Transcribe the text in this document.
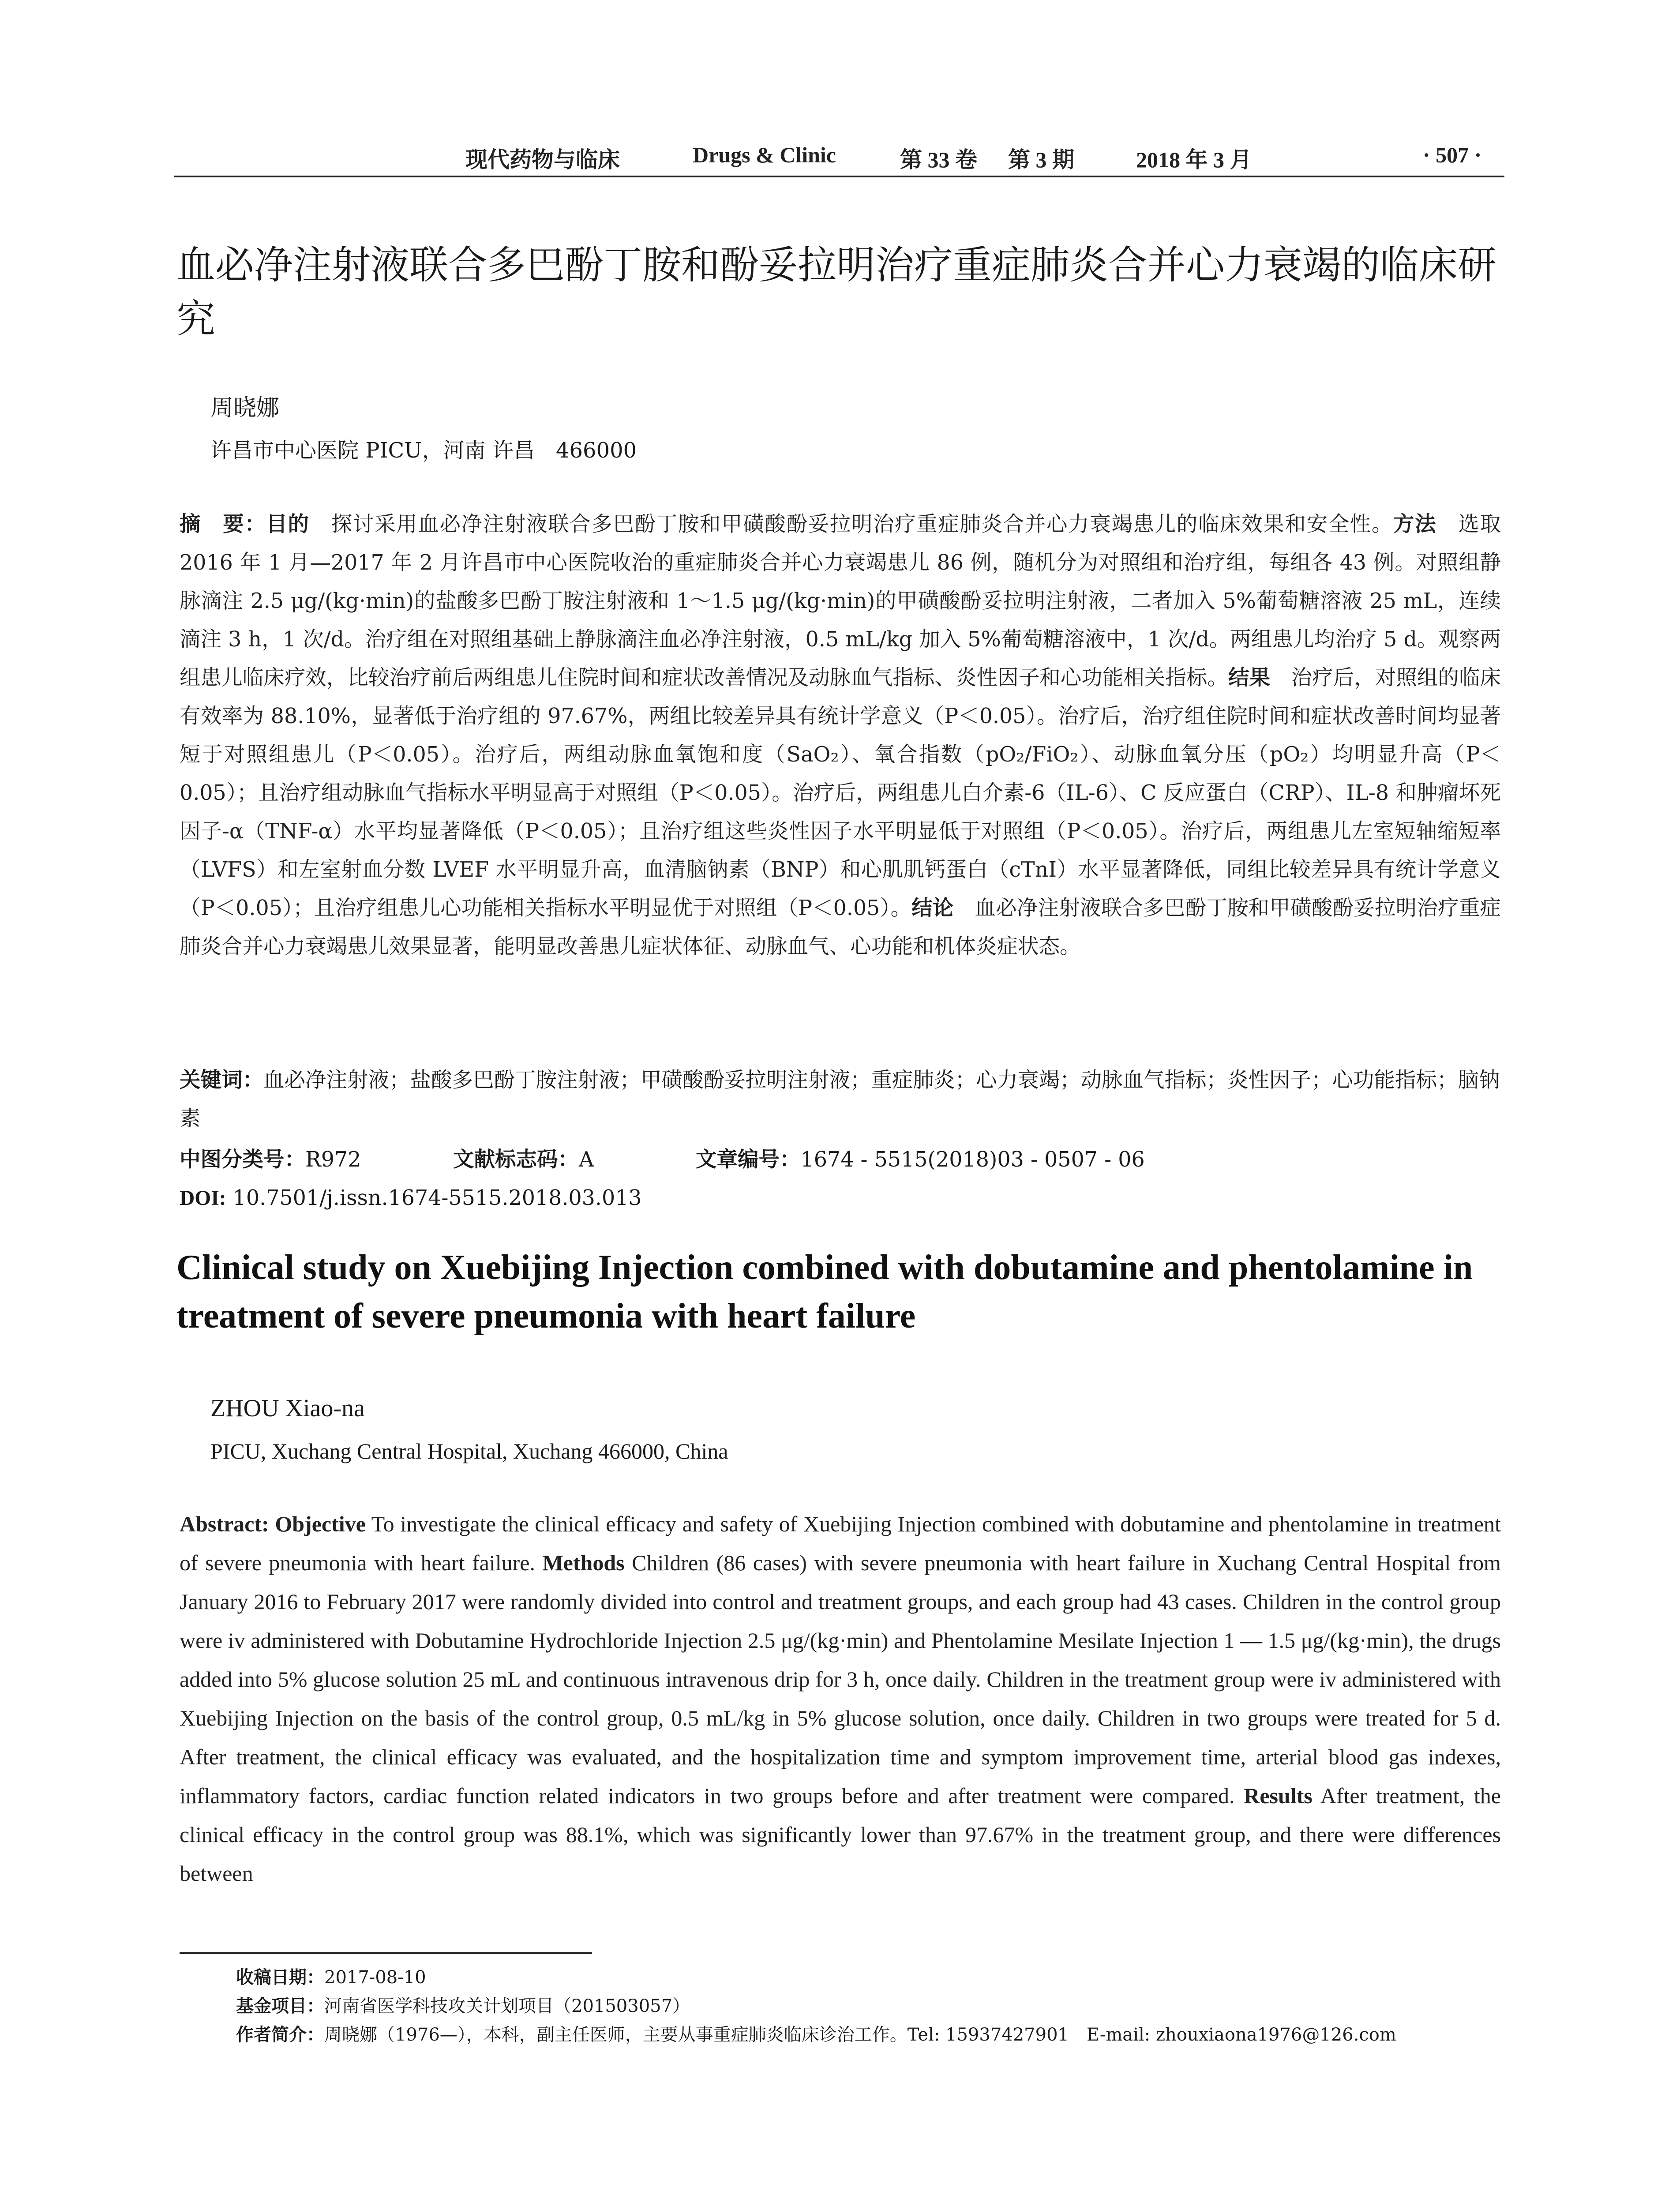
现代药物与临床	Drugs & Clinic	第 33 卷 第 3 期	2018 年 3 月	· 507 ·
血必净注射液联合多巴酚丁胺和酚妥拉明治疗重症肺炎合并心力衰竭的临床研究
周晓娜
许昌市中心医院 PICU，河南 许昌　466000
摘　要：目的　探讨采用血必净注射液联合多巴酚丁胺和甲磺酸酚妥拉明治疗重症肺炎合并心力衰竭患儿的临床效果和安全性。方法　选取 2016 年 1 月—2017 年 2 月许昌市中心医院收治的重症肺炎合并心力衰竭患儿 86 例，随机分为对照组和治疗组，每组各 43 例。对照组静脉滴注 2.5 μg/(kg·min)的盐酸多巴酚丁胺注射液和 1～1.5 μg/(kg·min)的甲磺酸酚妥拉明注射液，二者加入 5%葡萄糖溶液 25 mL，连续滴注 3 h，1 次/d。治疗组在对照组基础上静脉滴注血必净注射液，0.5 mL/kg 加入 5%葡萄糖溶液中，1 次/d。两组患儿均治疗 5 d。观察两组患儿临床疗效，比较治疗前后两组患儿住院时间和症状改善情况及动脉血气指标、炎性因子和心功能相关指标。结果　治疗后，对照组的临床有效率为 88.10%，显著低于治疗组的 97.67%，两组比较差异具有统计学意义（P＜0.05）。治疗后，治疗组住院时间和症状改善时间均显著短于对照组患儿（P＜0.05）。治疗后，两组动脉血氧饱和度（SaO₂）、氧合指数（pO₂/FiO₂）、动脉血氧分压（pO₂）均明显升高（P＜0.05）；且治疗组动脉血气指标水平明显高于对照组（P＜0.05）。治疗后，两组患儿白介素-6（IL-6）、C 反应蛋白（CRP）、IL-8 和肿瘤坏死因子-α（TNF-α）水平均显著降低（P＜0.05）；且治疗组这些炎性因子水平明显低于对照组（P＜0.05）。治疗后，两组患儿左室短轴缩短率（LVFS）和左室射血分数 LVEF 水平明显升高，血清脑钠素（BNP）和心肌肌钙蛋白（cTnI）水平显著降低，同组比较差异具有统计学意义（P＜0.05）；且治疗组患儿心功能相关指标水平明显优于对照组（P＜0.05）。结论　血必净注射液联合多巴酚丁胺和甲磺酸酚妥拉明治疗重症肺炎合并心力衰竭患儿效果显著，能明显改善患儿症状体征、动脉血气、心功能和机体炎症状态。
关键词：血必净注射液；盐酸多巴酚丁胺注射液；甲磺酸酚妥拉明注射液；重症肺炎；心力衰竭；动脉血气指标；炎性因子；心功能指标；脑钠素
中图分类号： R972	文献标志码： A	文章编号： 1674 - 5515(2018)03 - 0507 - 06
DOI: 10.7501/j.issn.1674-5515.2018.03.013
Clinical study on Xuebijing Injection combined with dobutamine and phentolamine in treatment of severe pneumonia with heart failure
ZHOU Xiao-na
PICU, Xuchang Central Hospital, Xuchang 466000, China
Abstract: Objective To investigate the clinical efficacy and safety of Xuebijing Injection combined with dobutamine and phentolamine in treatment of severe pneumonia with heart failure. Methods Children (86 cases) with severe pneumonia with heart failure in Xuchang Central Hospital from January 2016 to February 2017 were randomly divided into control and treatment groups, and each group had 43 cases. Children in the control group were iv administered with Dobutamine Hydrochloride Injection 2.5 μg/(kg·min) and Phentolamine Mesilate Injection 1 — 1.5 μg/(kg·min), the drugs added into 5% glucose solution 25 mL and continuous intravenous drip for 3 h, once daily. Children in the treatment group were iv administered with Xuebijing Injection on the basis of the control group, 0.5 mL/kg in 5% glucose solution, once daily. Children in two groups were treated for 5 d. After treatment, the clinical efficacy was evaluated, and the hospitalization time and symptom improvement time, arterial blood gas indexes, inflammatory factors, cardiac function related indicators in two groups before and after treatment were compared. Results After treatment, the clinical efficacy in the control group was 88.1%, which was significantly lower than 97.67% in the treatment group, and there were differences between
收稿日期：2017-08-10
基金项目：河南省医学科技攻关计划项目（201503057）
作者简介：周晓娜（1976—），本科，副主任医师，主要从事重症肺炎临床诊治工作。Tel: 15937427901　E-mail: zhouxiaona1976@126.com
